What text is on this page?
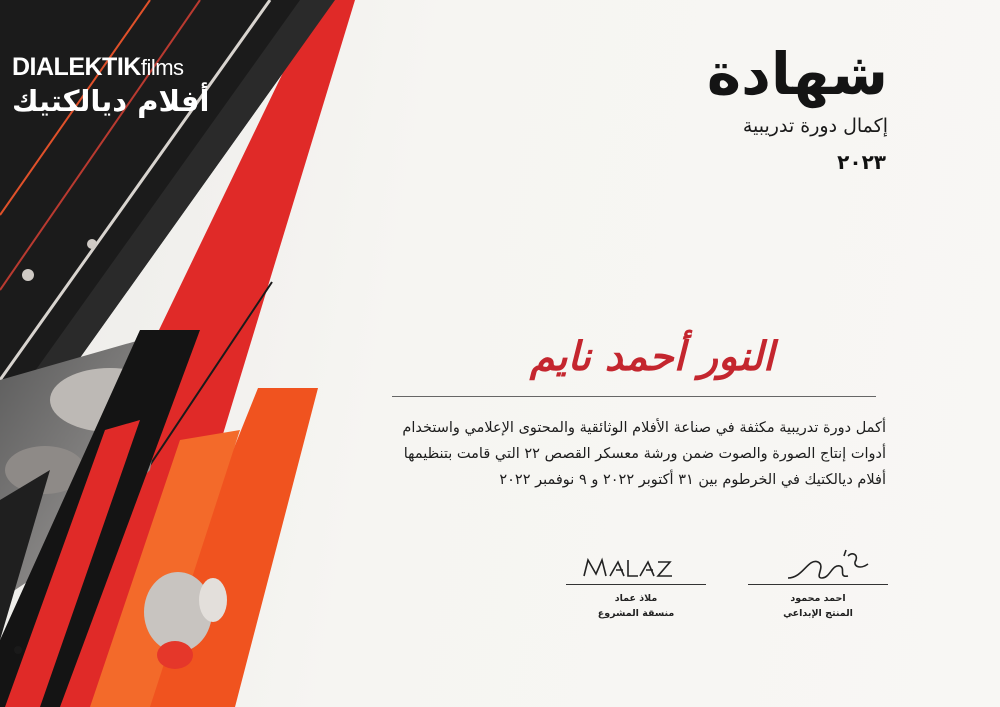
DIALEKTIKfilms
أفلام ديالكتيك	شهادة
إكمال دورة تدريبية
٢٠٢٣
النور أحمد نايم
أكمل دورة تدريبية مكثفة في صناعة الأفلام الوثائقية والمحتوى الإعلامي واستخدام
أدوات إنتاج الصورة والصوت ضمن ورشة معسكر القصص ٢٢ التي قامت بتنظيمها
أفلام ديالكتيك في الخرطوم بين ٣١ أكتوبر ٢٠٢٢ و ٩ نوفمبر ٢٠٢٢
ملاذ عماد
منسقة المشروع
احمد محمود
المنتج الإبداعي
